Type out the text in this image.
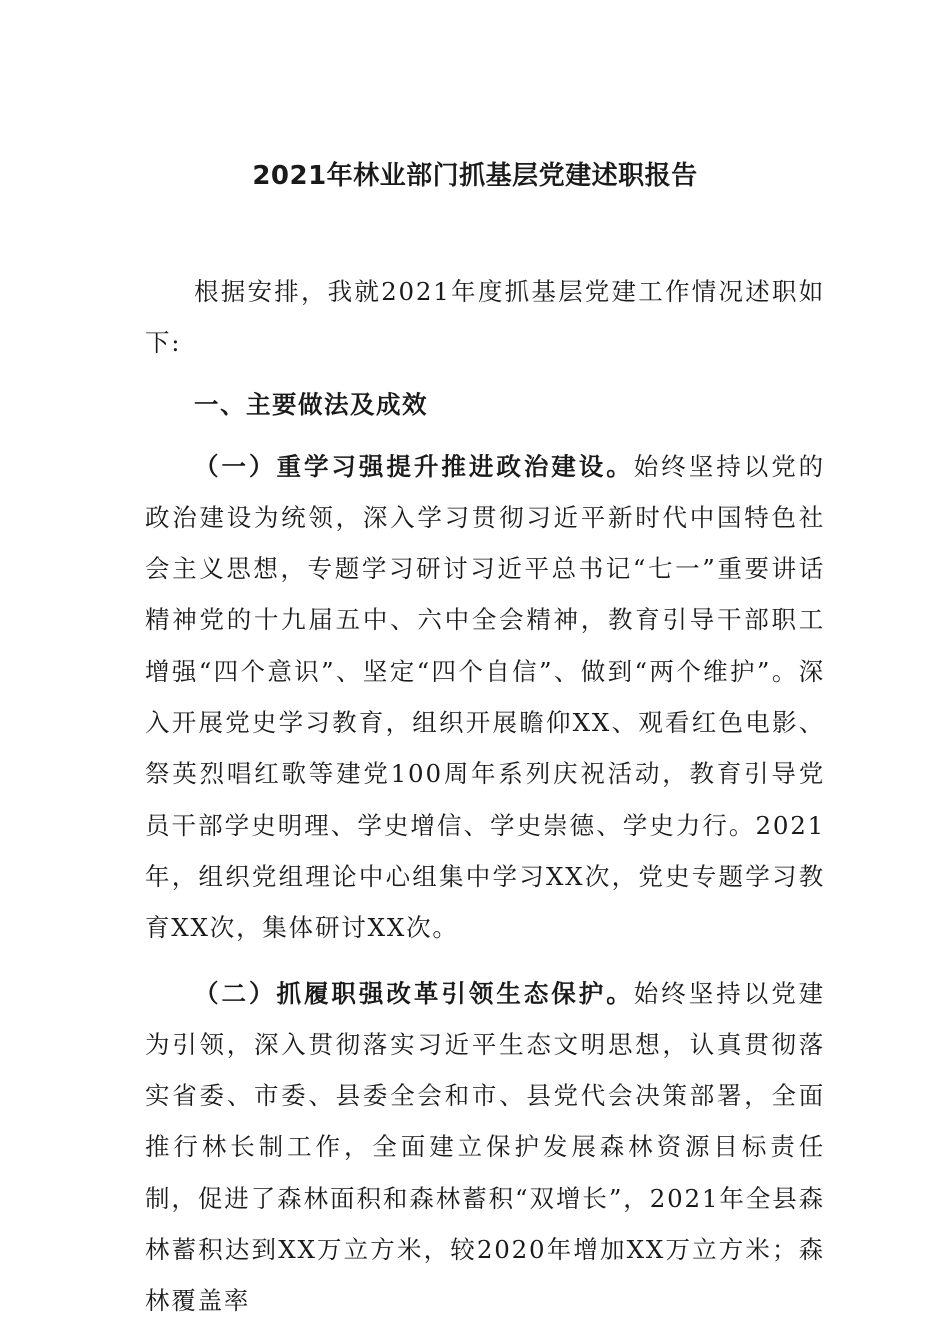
2021年林业部门抓基层党建述职报告

根据安排，我就2021年度抓基层党建工作情况述职如下:

一、主要做法及成效

（一）重学习强提升推进政治建设。始终坚持以党的政治建设为统领，深入学习贯彻习近平新时代中国特色社会主义思想，专题学习研讨习近平总书记“七一”重要讲话精神党的十九届五中、六中全会精神，教育引导干部职工增强“四个意识”、坚定“四个自信”、做到“两个维护”。深入开展党史学习教育，组织开展瞻仰XX、观看红色电影、祭英烈唱红歌等建党100周年系列庆祝活动，教育引导党员干部学史明理、学史增信、学史崇德、学史力行。2021年，组织党组理论中心组集中学习XX次，党史专题学习教育XX次，集体研讨XX次。

（二）抓履职强改革引领生态保护。始终坚持以党建为引领，深入贯彻落实习近平生态文明思想，认真贯彻落实省委、市委、县委全会和市、县党代会决策部署，全面推行林长制工作，全面建立保护发展森林资源目标责任制，促进了森林面积和森林蓄积“双增长”，2021年全县森林蓄积达到XX万立方米，较2020年增加XX万立方米；森林覆盖率
